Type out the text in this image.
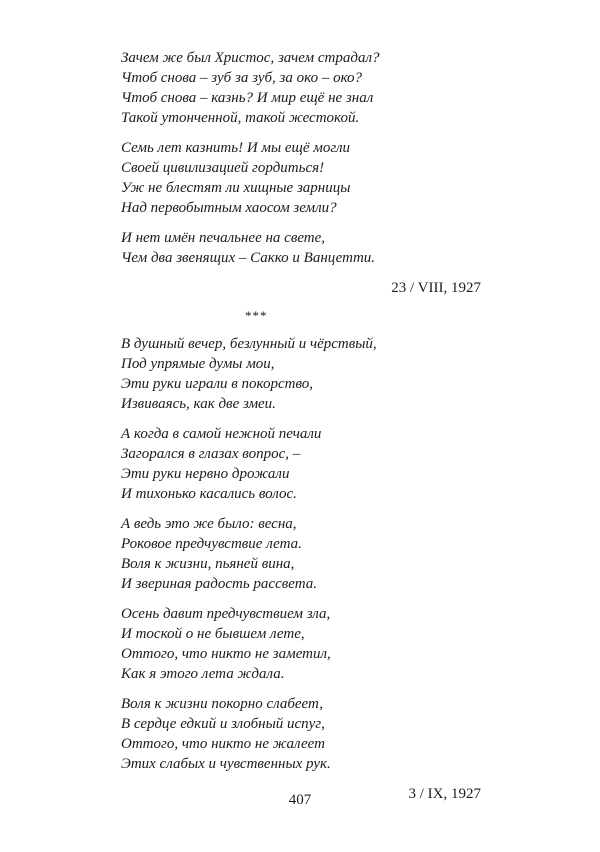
Зачем же был Христос, зачем страдал?
Чтоб снова – зуб за зуб, за око – око?
Чтоб снова – казнь? И мир ещё не знал
Такой утонченной, такой жестокой.
Семь лет казнить! И мы ещё могли
Своей цивилизацией гордиться!
Уж не блестят ли хищные зарницы
Над первобытным хаосом земли?
И нет имён печальнее на свете,
Чем два звенящих – Сакко и Ванцетти.
23 / VIII, 1927
***
В душный вечер, безлунный и чёрствый,
Под упрямые думы мои,
Эти руки играли в покорство,
Извиваясь, как две змеи.
А когда в самой нежной печали
Загорался в глазах вопрос, –
Эти руки нервно дрожали
И тихонько касались волос.
А ведь это же было: весна,
Роковое предчувствие лета.
Воля к жизни, пьяней вина,
И звериная радость рассвета.
Осень давит предчувствием зла,
И тоской о не бывшем лете,
Оттого, что никто не заметил,
Как я этого лета ждала.
Воля к жизни покорно слабеет,
В сердце едкий и злобный испуг,
Оттого, что никто не жалеет
Этих слабых и чувственных рук.
3 / IX, 1927
407
